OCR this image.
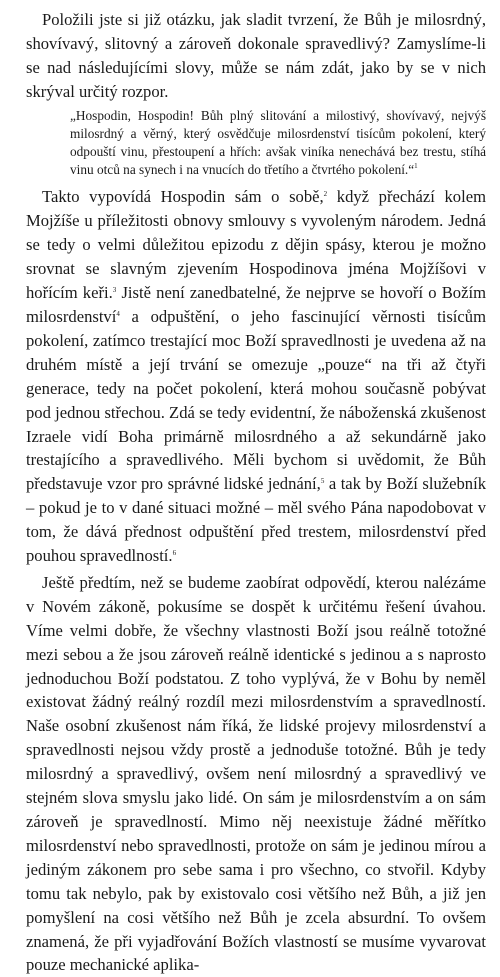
Položili jste si již otázku, jak sladit tvrzení, že Bůh je milosrdný, shovívavý, slitovný a zároveň dokonale spravedlivý? Zamyslíme-li se nad následujícími slovy, může se nám zdát, jako by se v nich skrýval určitý rozpor.

„Hospodin, Hospodin! Bůh plný slitování a milostivý, shovívavý, nejvýš milosrdný a věrný, který osvědčuje milosrdenství tisícům pokolení, který odpouští vinu, přestoupení a hřích: avšak viníka nenechává bez trestu, stíhá vinu otců na synech i na vnucích do třetího a čtvrtého pokolení.“$^1$

Takto vypovídá Hospodin sám o sobě,$^2$ když přechází kolem Mojžíše u příležitosti obnovy smlouvy s vyvoleným národem. Jedná se tedy o velmi důležitou epizodu z dějin spásy, kterou je možno srovnat se slavným zjevením Hospodinova jména Mojžíšovi v hořícím keři.$^3$ Jistě není zanedbatelné, že nejprve se hovoří o Božím milosrdenství$^4$ a odpuštění, o jeho fascinující věrnosti tisícům pokolení, zatímco trestající moc Boží spravedlnosti je uvedena až na druhém místě a její trvání se omezuje „pouze“ na tři až čtyři generace, tedy na počet pokolení, která mohou současně pobývat pod jednou střechou. Zdá se tedy evidentní, že náboženská zkušenost Izraele vidí Boha primárně milosrdného a až sekundárně jako trestajícího a spravedlivého. Měli bychom si uvědomit, že Bůh představuje vzor pro správné lidské jednání,$^5$ a tak by Boží služebník – pokud je to v dané situaci možné – měl svého Pána napodobovat v tom, že dává přednost odpuštění před trestem, milosrdenství před pouhou spravedlností.$^6$

Ještě předtím, než se budeme zaobírat odpovědí, kterou nalézáme v Novém zákoně, pokusíme se dospět k určitému řešení úvahou. Víme velmi dobře, že všechny vlastnosti Boží jsou reálně totožné mezi sebou a že jsou zároveň reálně identické s jedinou a s naprosto jednoduchou Boží podstatou. Z toho vyplývá, že v Bohu by neměl existovat žádný reálný rozdíl mezi milosrdenstvím a spravedlností. Naše osobní zkušenost nám říká, že lidské projevy milosrdenství a spravedlnosti nejsou vždy prostě a jednoduše totožné. Bůh je tedy milosrdný a spravedlivý, ovšem není milosrdný a spravedlivý ve stejném slova smyslu jako lidé. On sám je milosrdenstvím a on sám zároveň je spravedlností. Mimo něj neexistuje žádné měřítko milosrdenství nebo spravedlnosti, protože on sám je jedinou mírou a jediným zákonem pro sebe sama i pro všechno, co stvořil. Kdyby tomu tak nebylo, pak by existovalo cosi většího než Bůh, a již jen pomyšlení na cosi většího než Bůh je zcela absurdní. To ovšem znamená, že při vyjadřování Božích vlastností se musíme vyvarovat pouze mechanické aplika-
